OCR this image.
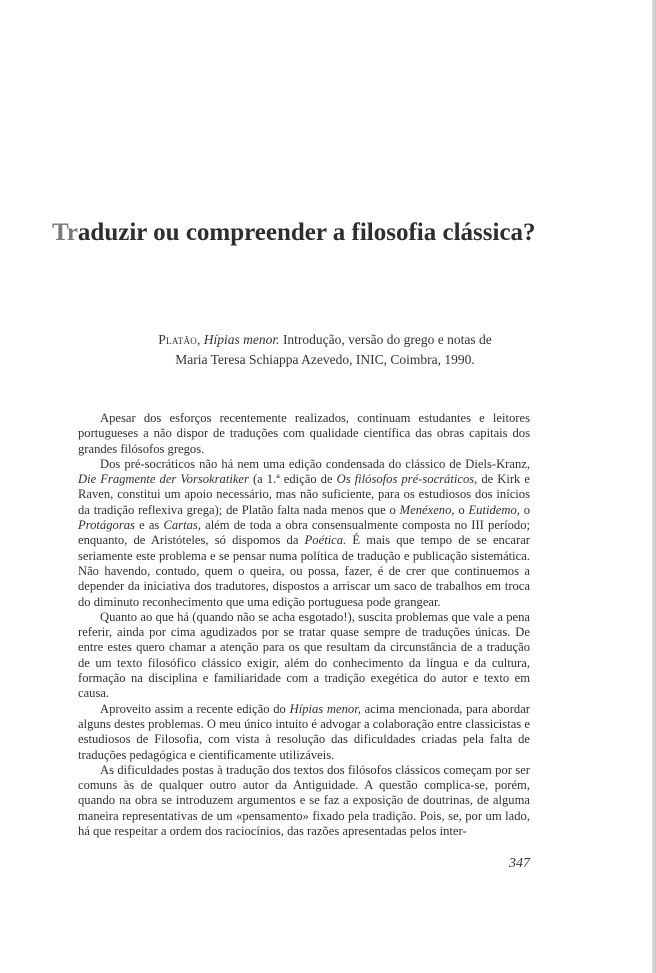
Traduzir ou compreender a filosofia clássica?
Platão, Hípias menor. Introdução, versão do grego e notas de
Maria Teresa Schiappa Azevedo, INIC, Coimbra, 1990.

Apesar dos esforços recentemente realizados, continuam estudantes e leitores portugueses a não dispor de traduções com qualidade científica das obras capitais dos grandes filósofos gregos.

Dos pré-socráticos não há nem uma edição condensada do clássico de Diels-Kranz, Die Fragmente der Vorsokratiker (a 1.ª edição de Os filósofos pré-socráticos, de Kirk e Raven, constitui um apoio necessário, mas não suficiente, para os estudiosos dos inícios da tradição reflexiva grega); de Platão falta nada menos que o Menéxeno, o Eutidemo, o Protágoras e as Cartas, além de toda a obra consensualmente composta no III período; enquanto, de Aristóteles, só dispomos da Poética. É mais que tempo de se encarar seriamente este problema e se pensar numa política de tradução e publicação sistemática. Não havendo, contudo, quem o queira, ou possa, fazer, é de crer que continuemos a depender da iniciativa dos tradutores, dispostos a arriscar um saco de trabalhos em troca do diminuto reconhecimento que uma edição portuguesa pode grangear.

Quanto ao que há (quando não se acha esgotado!), suscita problemas que vale a pena referir, ainda por cima agudizados por se tratar quase sempre de traduções únicas. De entre estes quero chamar a atenção para os que resultam da circunstância de a tradução de um texto filosófico clássico exigir, além do conhecimento da língua e da cultura, formação na disciplina e familiaridade com a tradição exegética do autor e texto em causa.

Aproveito assim a recente edição do Hípias menor, acima mencionada, para abordar alguns destes problemas. O meu único intuito é advogar a colaboração entre classicistas e estudiosos de Filosofia, com vista à resolução das dificuldades criadas pela falta de traduções pedagógica e cientificamente utilizáveis.

As dificuldades postas à tradução dos textos dos filósofos clássicos começam por ser comuns às de qualquer outro autor da Antiguidade. A questão complica-se, porém, quando na obra se introduzem argumentos e se faz a exposição de doutrinas, de alguma maneira representativas de um «pensamento» fixado pela tradição. Pois, se, por um lado, há que respeitar a ordem dos raciocínios, das razões apresentadas pelos inter-

347
